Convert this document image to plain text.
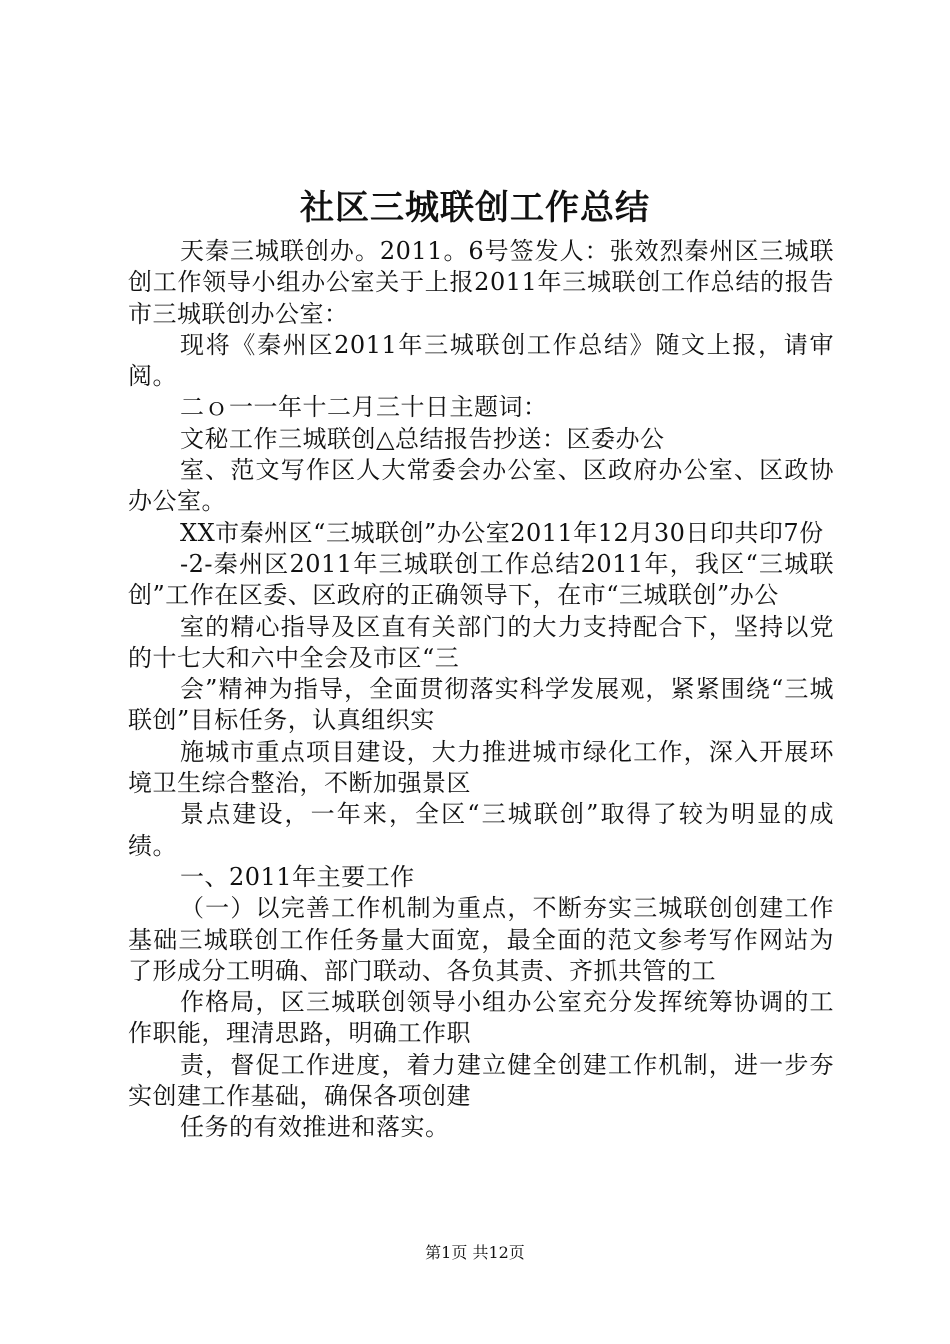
社区三城联创工作总结

天秦三城联创办。2011。6号签发人：张效烈秦州区三城联创工作领导小组办公室关于上报2011年三城联创工作总结的报告市三城联创办公室：

现将《秦州区2011年三城联创工作总结》随文上报，请审阅。

二ｏ一一年十二月三十日主题词：

文秘工作三城联创△总结报告抄送：区委办公

室、范文写作区人大常委会办公室、区政府办公室、区政协办公室。

XX市秦州区“三城联创”办公室2011年12月30日印共印7份

-2-秦州区2011年三城联创工作总结2011年，我区“三城联创”工作在区委、区政府的正确领导下，在市“三城联创”办公

室的精心指导及区直有关部门的大力支持配合下，坚持以党的十七大和六中全会及市区“三

会”精神为指导，全面贯彻落实科学发展观，紧紧围绕“三城联创”目标任务，认真组织实

施城市重点项目建设，大力推进城市绿化工作，深入开展环境卫生综合整治，不断加强景区

景点建设，一年来，全区“三城联创”取得了较为明显的成绩。

一、2011年主要工作

（一）以完善工作机制为重点，不断夯实三城联创创建工作基础三城联创工作任务量大面宽，最全面的范文参考写作网站为了形成分工明确、部门联动、各负其责、齐抓共管的工

作格局，区三城联创领导小组办公室充分发挥统筹协调的工作职能，理清思路，明确工作职

责，督促工作进度，着力建立健全创建工作机制，进一步夯实创建工作基础，确保各项创建

任务的有效推进和落实。

第1页 共12页
